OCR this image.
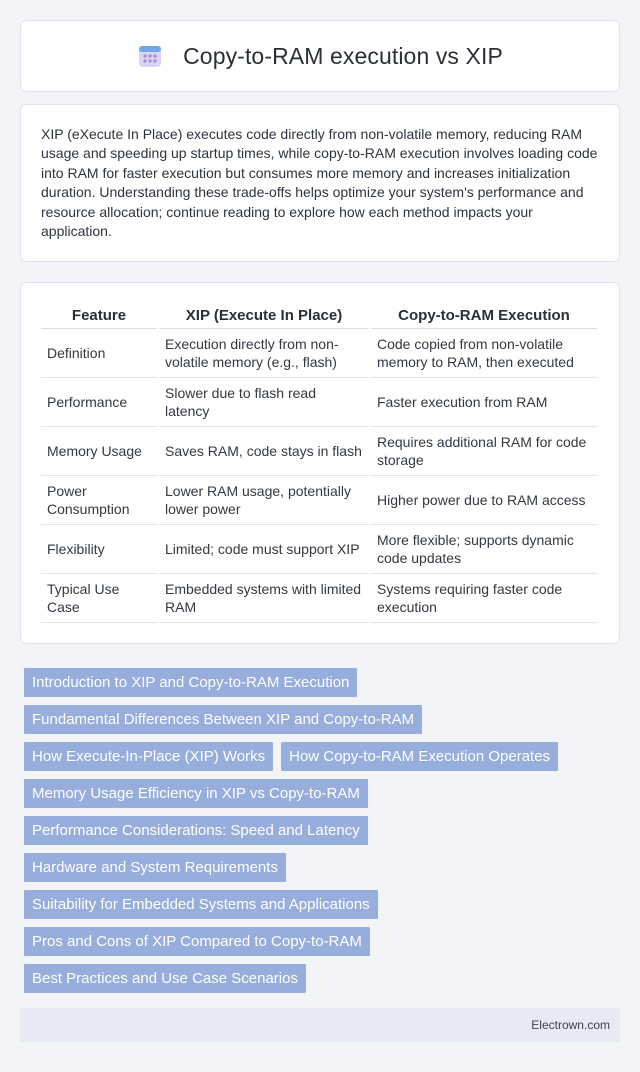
Copy-to-RAM execution vs XIP

XIP (eXecute In Place) executes code directly from non-volatile memory, reducing RAM usage and speeding up startup times, while copy-to-RAM execution involves loading code into RAM for faster execution but consumes more memory and increases initialization duration. Understanding these trade-offs helps optimize your system's performance and resource allocation; continue reading to explore how each method impacts your application.

Feature	XIP (Execute In Place)	Copy-to-RAM Execution
Definition	Execution directly from non-volatile memory (e.g., flash)	Code copied from non-volatile memory to RAM, then executed
Performance	Slower due to flash read latency	Faster execution from RAM
Memory Usage	Saves RAM, code stays in flash	Requires additional RAM for code storage
Power Consumption	Lower RAM usage, potentially lower power	Higher power due to RAM access
Flexibility	Limited; code must support XIP	More flexible; supports dynamic code updates
Typical Use Case	Embedded systems with limited RAM	Systems requiring faster code execution
Introduction to XIP and Copy-to-RAM Execution
Fundamental Differences Between XIP and Copy-to-RAM
How Execute-In-Place (XIP) Works	How Copy-to-RAM Execution Operates
Memory Usage Efficiency in XIP vs Copy-to-RAM
Performance Considerations: Speed and Latency
Hardware and System Requirements
Suitability for Embedded Systems and Applications
Pros and Cons of XIP Compared to Copy-to-RAM
Best Practices and Use Case Scenarios
Electrown.com
